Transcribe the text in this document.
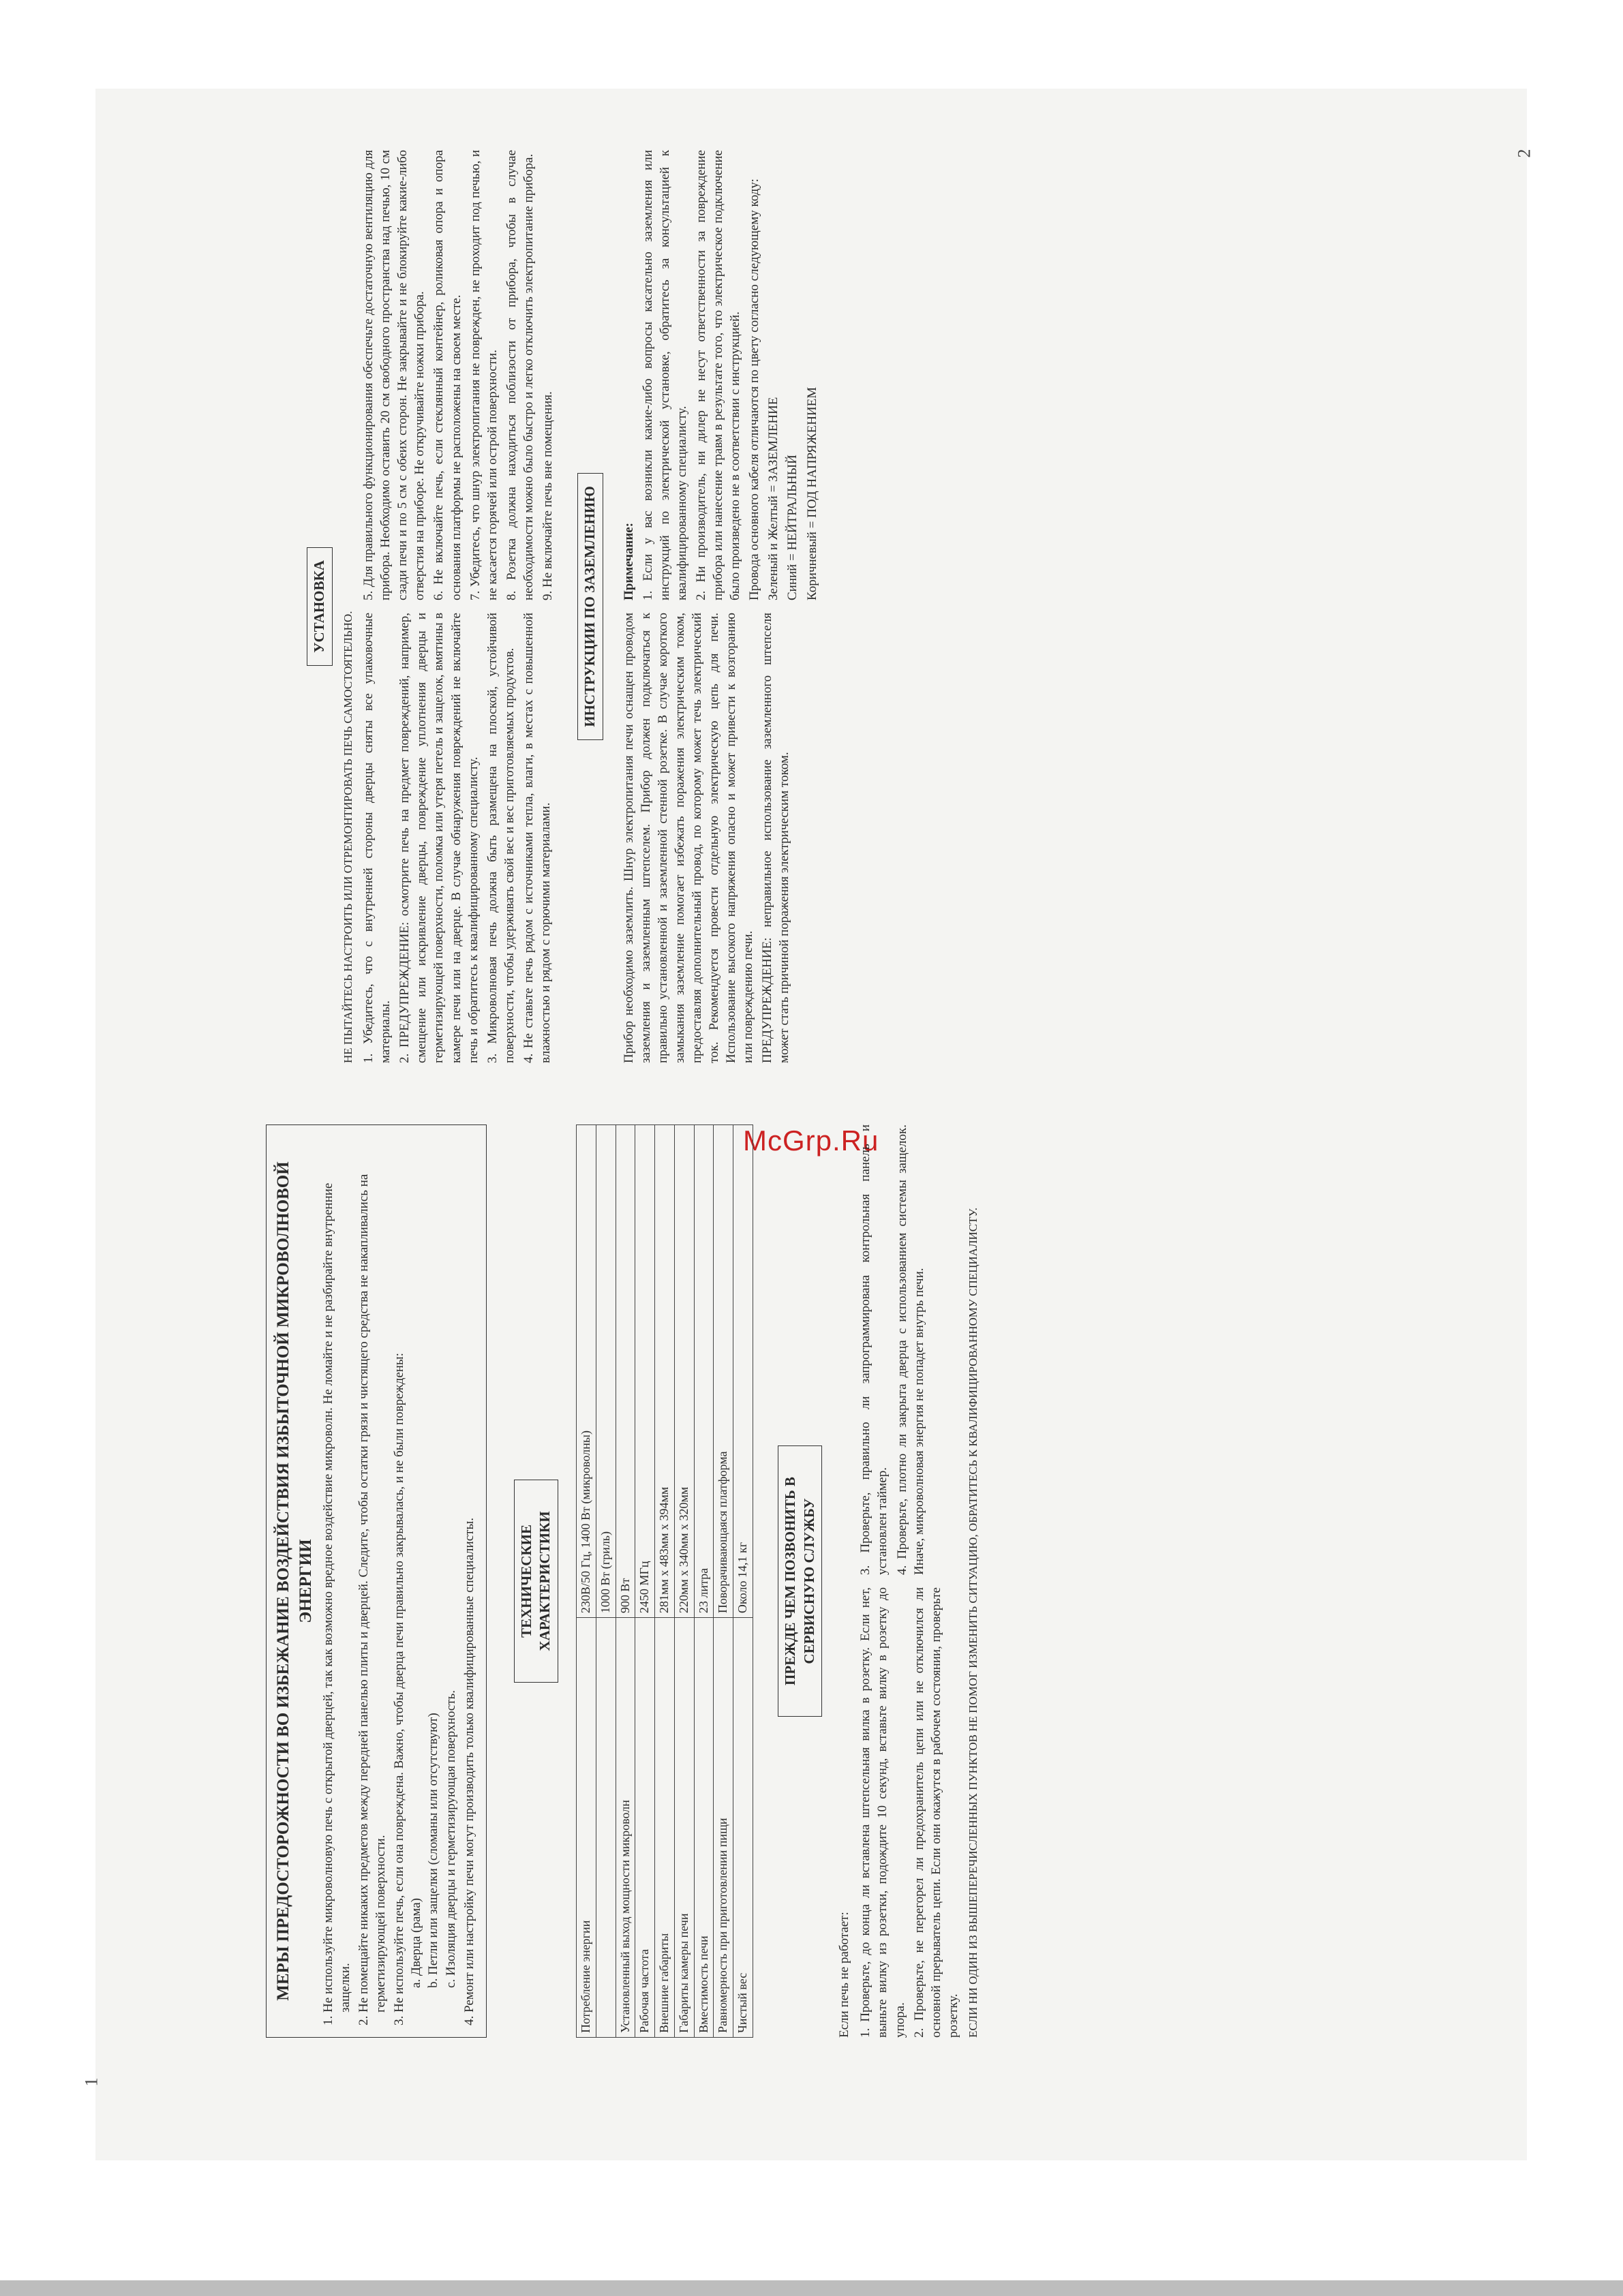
McGrp.Ru
1
2
МЕРЫ ПРЕДОСТОРОЖНОСТИ ВО ИЗБЕЖАНИЕ ВОЗДЕЙСТВИЯ ИЗБЫТОЧНОЙ МИКРОВОЛНОВОЙ ЭНЕРГИИ 1. Не используйте микроволновую печь с открытой дверцей, так как возможно вредное воздействие микроволн. Не ломайте и не разбирайте внутренние защелки. 2. Не помещайте никаких предметов между передней панелью плиты и дверцей. Следите, чтобы остатки грязи и чистящего средства не накапливались на герметизирующей поверхности. 3. Не используйте печь, если она повреждена. Важно, чтобы дверца печи правильно закрывалась, и не были повреждены: a. Дверца (рама) b. Петли или защелки (сломаны или отсутствуют) c. Изоляция дверцы и герметизирующая поверхность. 4. Ремонт или настройку печи могут производить только квалифицированные специалисты.	ТЕХНИЧЕСКИЕ ХАРАКТЕРИСТИКИ
Потребление энергии	230В/50 Гц, 1400 Вт (микроволны)
	1000 Вт (гриль)
Установленный выход мощности микроволн	900 Вт
Рабочая частота	2450 МГц
Внешние габариты	281мм x 483мм x 394мм
Габариты камеры печи	220мм x 340мм x 320мм
Вместимость печи	23 литра
Равномерность при приготовлении пищи	Поворачивающаяся платформа
Чистый вес	Около 14,1 кг ПРЕЖДЕ ЧЕМ ПОЗВОНИТЬ В СЕРВИСНУЮ СЛУЖБУ

Если печь не работает: 1. Проверьте, до конца ли вставлена штепсельная вилка в розетку. Если нет, выньте вилку из розетки, подождите 10 секунд, вставьте вилку в розетку до упора. 2. Проверьте, не перегорел ли предохранитель цепи или не отключился ли основной прерыватель цепи. Если они окажутся в рабочем состоянии, проверьте розетку.

3. Проверьте, правильно ли запрограммирована контрольная панель и установлен таймер. 4. Проверьте, плотно ли закрыта дверца с использованием системы защелок. Иначе, микроволновая энергия не попадет внутрь печи.	ЕСЛИ НИ ОДИН ИЗ ВЫШЕПЕРЕЧИСЛЕННЫХ ПУНКТОВ НЕ ПОМОГ ИЗМЕНИТЬ СИТУАЦИЮ, ОБРАТИТЕСЬ К КВАЛИФИЦИРОВАННОМУ СПЕЦИАЛИСТУ.

УСТАНОВКА

НЕ ПЫТАЙТЕСЬ НАСТРОИТЬ ИЛИ ОТРЕМОНТИРОВАТЬ ПЕЧЬ САМОСТОЯТЕЛЬНО. 1. Убедитесь, что с внутренней стороны дверцы сняты все упаковочные материалы. 2. ПРЕДУПРЕЖДЕНИЕ: осмотрите печь на предмет повреждений, например, смещение или искривление дверцы, повреждение уплотнения дверцы и герметизирующей поверхности, поломка или утеря петель и защелок, вмятины в камере печи или на дверце. В случае обнаружения повреждений не включайте печь и обратитесь к квалифицированному специалисту. 3. Микроволновая печь должна быть размещена на плоской, устойчивой поверхности, чтобы удерживать свой вес и вес приготовляемых продуктов. 4. Не ставьте печь рядом с источниками тепла, влаги, в местах с повышенной влажностью и рядом с горючими материалами.

5. Для правильного функционирования обеспечьте достаточную вентиляцию для прибора. Необходимо оставить 20 см свободного пространства над печью, 10 см сзади печи и по 5 см с обеих сторон. Не закрывайте и не блокируйте какие-либо отверстия на приборе. Не откручивайте ножки прибора. 6. Не включайте печь, если стеклянный контейнер, роликовая опора и опора основания платформы не расположены на своем месте. 7. Убедитесь, что шнур электропитания не поврежден, не проходит под печью, и не касается горячей или острой поверхности. 8. Розетка должна находиться поблизости от прибора, чтобы в случае необходимости можно было быстро и легко отключить электропитание прибора. 9. Не включайте печь вне помещения. ИНСТРУКЦИИ ПО ЗАЗЕМЛЕНИЮ

Прибор необходимо заземлить. Шнур электропитания печи оснащен проводом заземления и заземленным штепселем. Прибор должен подключаться к правильно установленной и заземленной стенной розетке. В случае короткого замыкания заземление помогает избежать поражения электрическим током, предоставляя дополнительный провод, по которому может течь электрический ток. Рекомендуется провести отдельную электрическую цепь для печи. Использование высокого напряжения опасно и может привести к возгоранию или повреждению печи. ПРЕДУПРЕЖДЕНИЕ: неправильное использование заземленного штепселя может стать причиной поражения электрическим током.

Примечание: 1. Если у вас возникли какие-либо вопросы касательно заземления или инструкций по электрической установке, обратитесь за консультацией к квалифицированному специалисту. 2. Ни производитель, ни дилер не несут ответственности за повреждение прибора или нанесение травм в результате того, что электрическое подключение было произведено не в соответствии с инструкцией. Провода основного кабеля отличаются по цвету согласно следующему коду: Зеленый и Желтый = ЗАЗЕМЛЕНИЕ Синий = НЕЙТРАЛЬНЫЙ Коричневый = ПОД НАПРЯЖЕНИЕМ
